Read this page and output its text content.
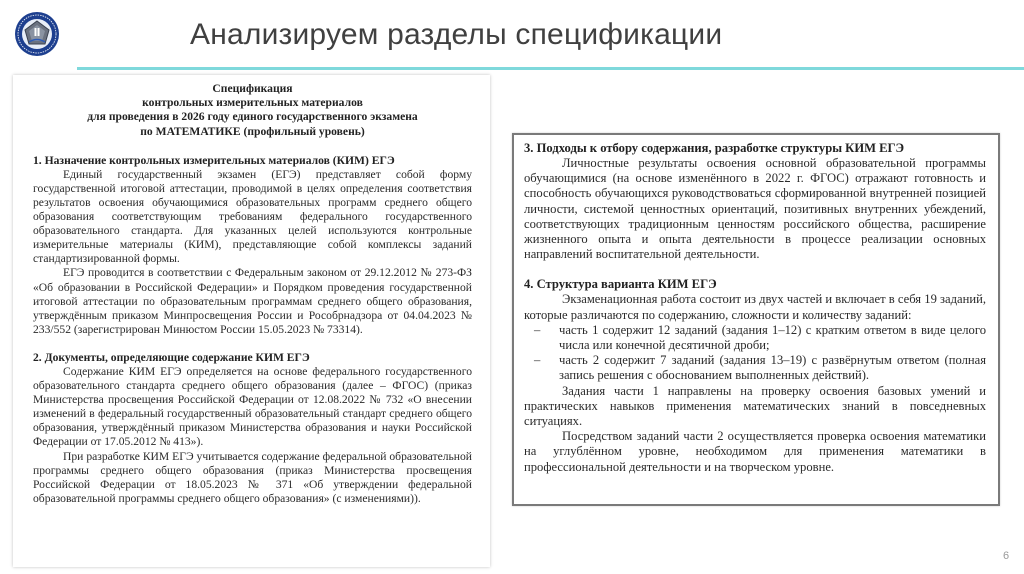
Анализируем разделы спецификации
Спецификация
контрольных измерительных материалов
для проведения в 2026 году единого государственного экзамена
по МАТЕМАТИКЕ (профильный уровень)
1. Назначение контрольных измерительных материалов (КИМ) ЕГЭ

Единый государственный экзамен (ЕГЭ) представляет собой форму государственной итоговой аттестации, проводимой в целях определения соответствия результатов освоения обучающимися образовательных программ среднего общего образования соответствующим требованиям федерального государственного образовательного стандарта. Для указанных целей используются контрольные измерительные материалы (КИМ), представляющие собой комплексы заданий стандартизированной формы.

ЕГЭ проводится в соответствии с Федеральным законом от 29.12.2012 № 273-ФЗ «Об образовании в Российской Федерации» и Порядком проведения государственной итоговой аттестации по образовательным программам среднего общего образования, утверждённым приказом Минпросвещения России и Рособрнадзора от 04.04.2023 № 233/552 (зарегистрирован Минюстом России 15.05.2023 № 73314).

2. Документы, определяющие содержание КИМ ЕГЭ

Содержание КИМ ЕГЭ определяется на основе федерального государственного образовательного стандарта среднего общего образования (далее – ФГОС) (приказ Министерства просвещения Российской Федерации от 12.08.2022 № 732 «О внесении изменений в федеральный государственный образовательный стандарт среднего общего образования, утверждённый приказом Министерства образования и науки Российской Федерации от 17.05.2012 № 413»).

При разработке КИМ ЕГЭ учитывается содержание федеральной образовательной программы среднего общего образования (приказ Министерства просвещения Российской Федерации от 18.05.2023 № 371 «Об утверждении федеральной образовательной программы среднего общего образования» (с изменениями)).

3. Подходы к отбору содержания, разработке структуры КИМ ЕГЭ

Личностные результаты освоения основной образовательной программы обучающимися (на основе изменённого в 2022 г. ФГОС) отражают готовность и способность обучающихся руководствоваться сформированной внутренней позицией личности, системой ценностных ориентаций, позитивных внутренних убеждений, соответствующих традиционным ценностям российского общества, расширение жизненного опыта и опыта деятельности в процессе реализации основных направлений воспитательной деятельности.

4. Структура варианта КИМ ЕГЭ

Экзаменационная работа состоит из двух частей и включает в себя 19 заданий, которые различаются по содержанию, сложности и количеству заданий:

– часть 1 содержит 12 заданий (задания 1–12) с кратким ответом в виде целого числа или конечной десятичной дроби;
– часть 2 содержит 7 заданий (задания 13–19) с развёрнутым ответом (полная запись решения с обоснованием выполненных действий).

Задания части 1 направлены на проверку освоения базовых умений и практических навыков применения математических знаний в повседневных ситуациях.

Посредством заданий части 2 осуществляется проверка освоения математики на углублённом уровне, необходимом для применения математики в профессиональной деятельности и на творческом уровне.

6
